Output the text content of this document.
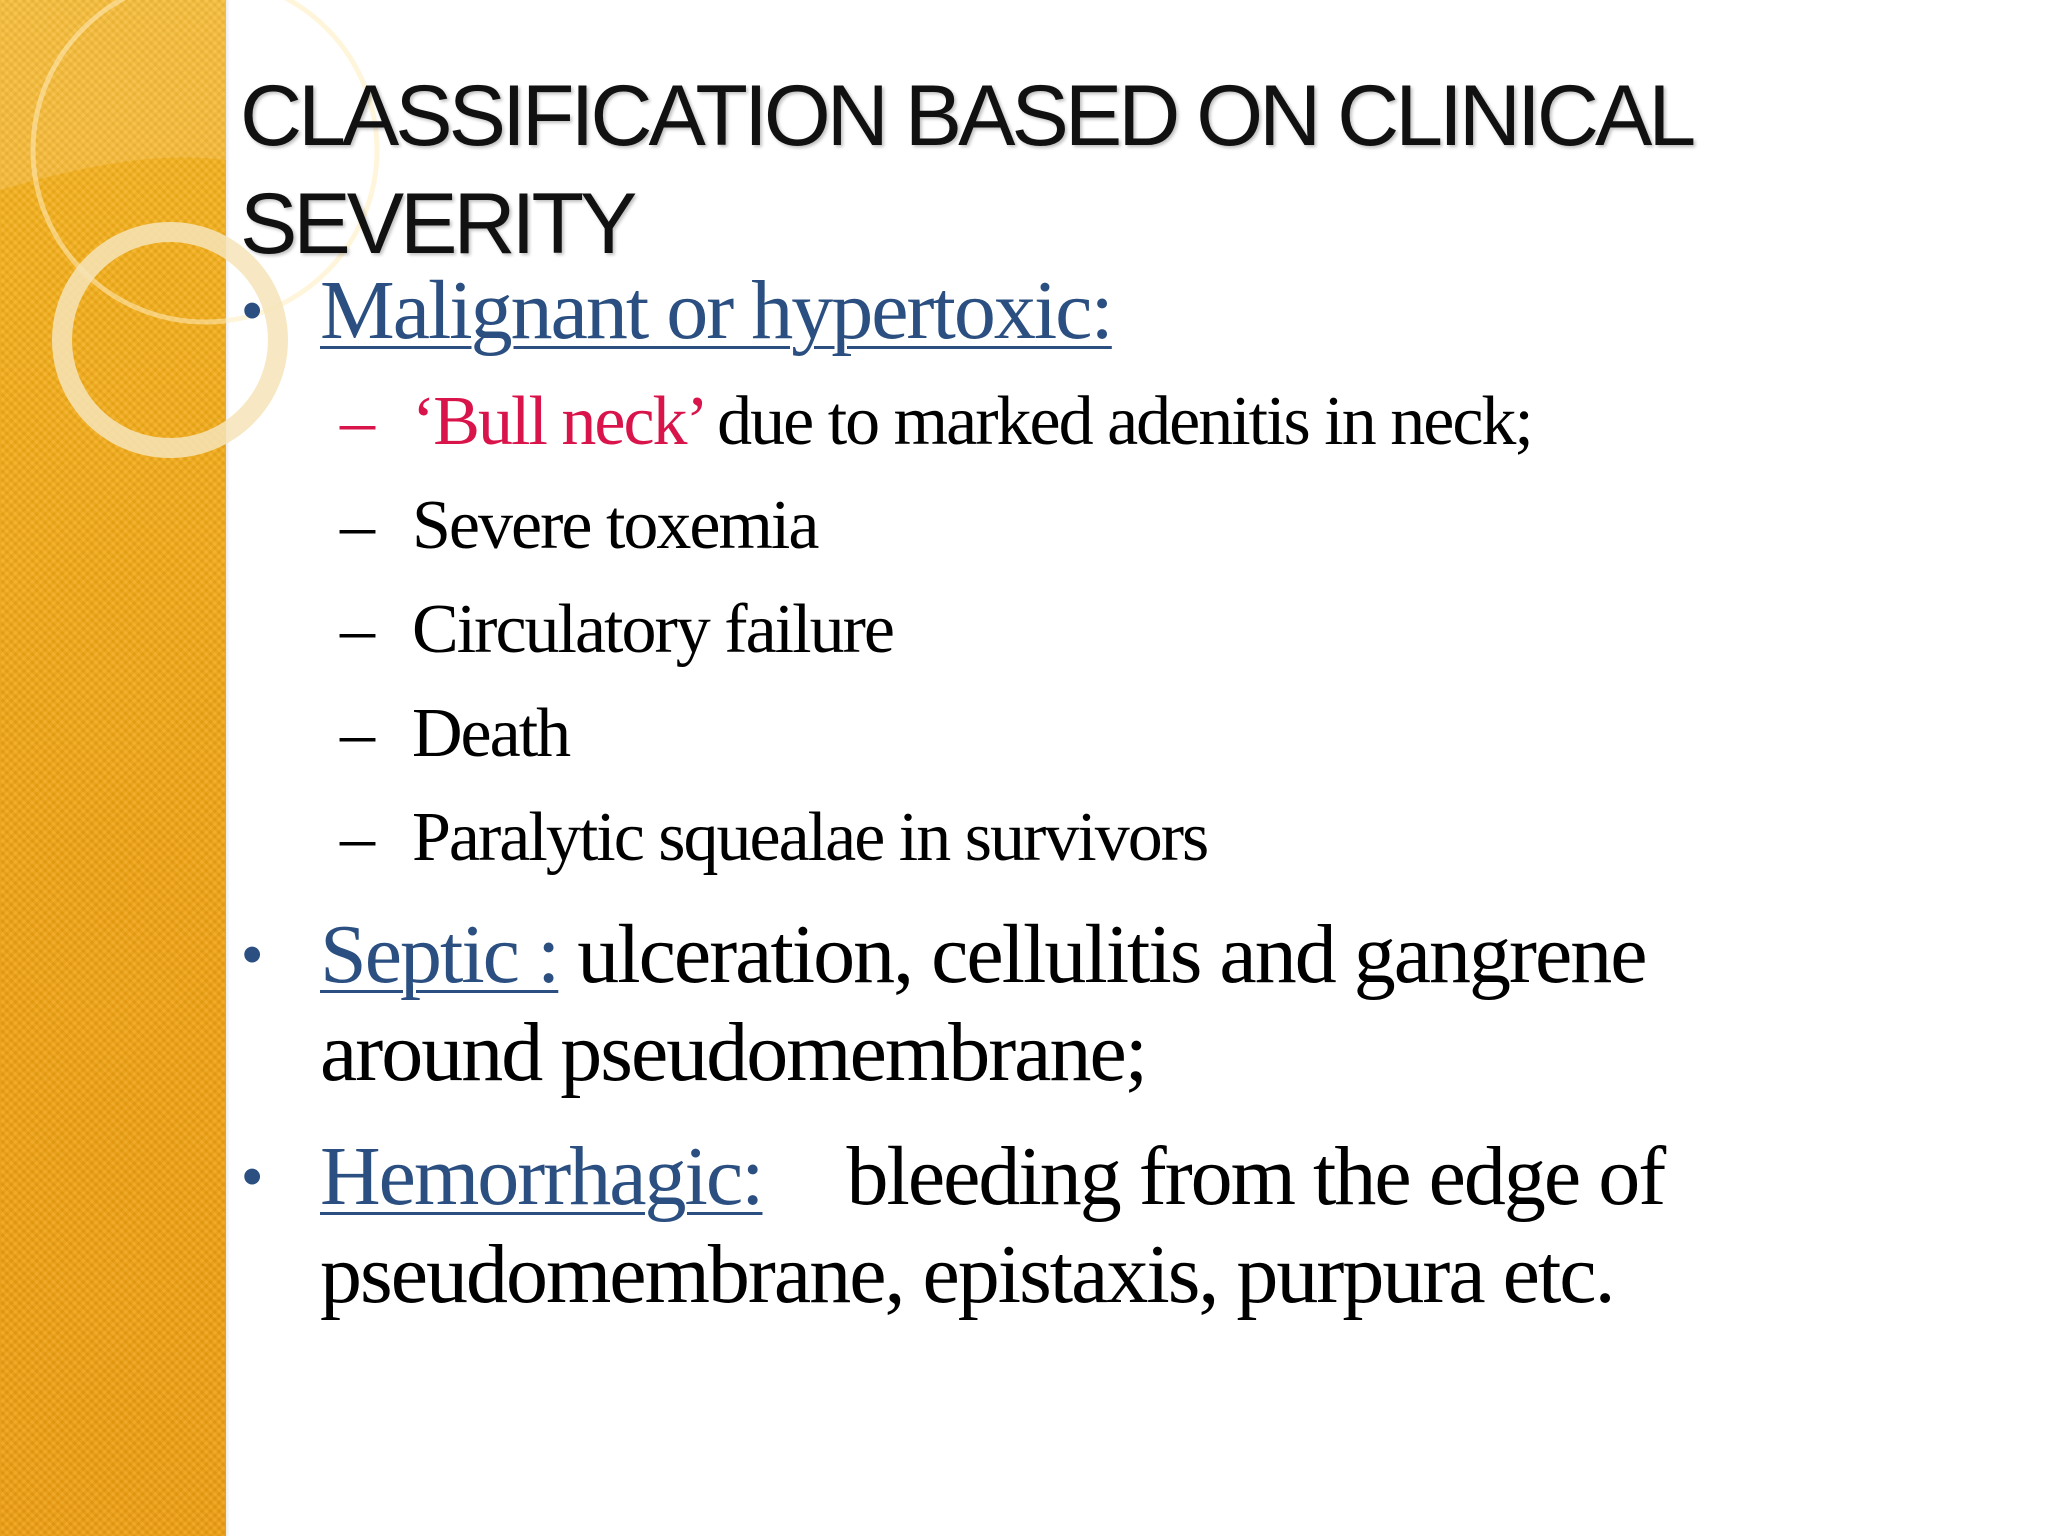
CLASSIFICATION BASED ON CLINICAL SEVERITY
• Malignant or hypertoxic:
– ‘Bull neck’ due to marked adenitis in neck;
– Severe toxemia
– Circulatory failure
– Death
– Paralytic squealae in survivors
• Septic : ulceration, cellulitis and gangrene around pseudomembrane;
• Hemorrhagic: bleeding from the edge of pseudomembrane, epistaxis, purpura etc.
